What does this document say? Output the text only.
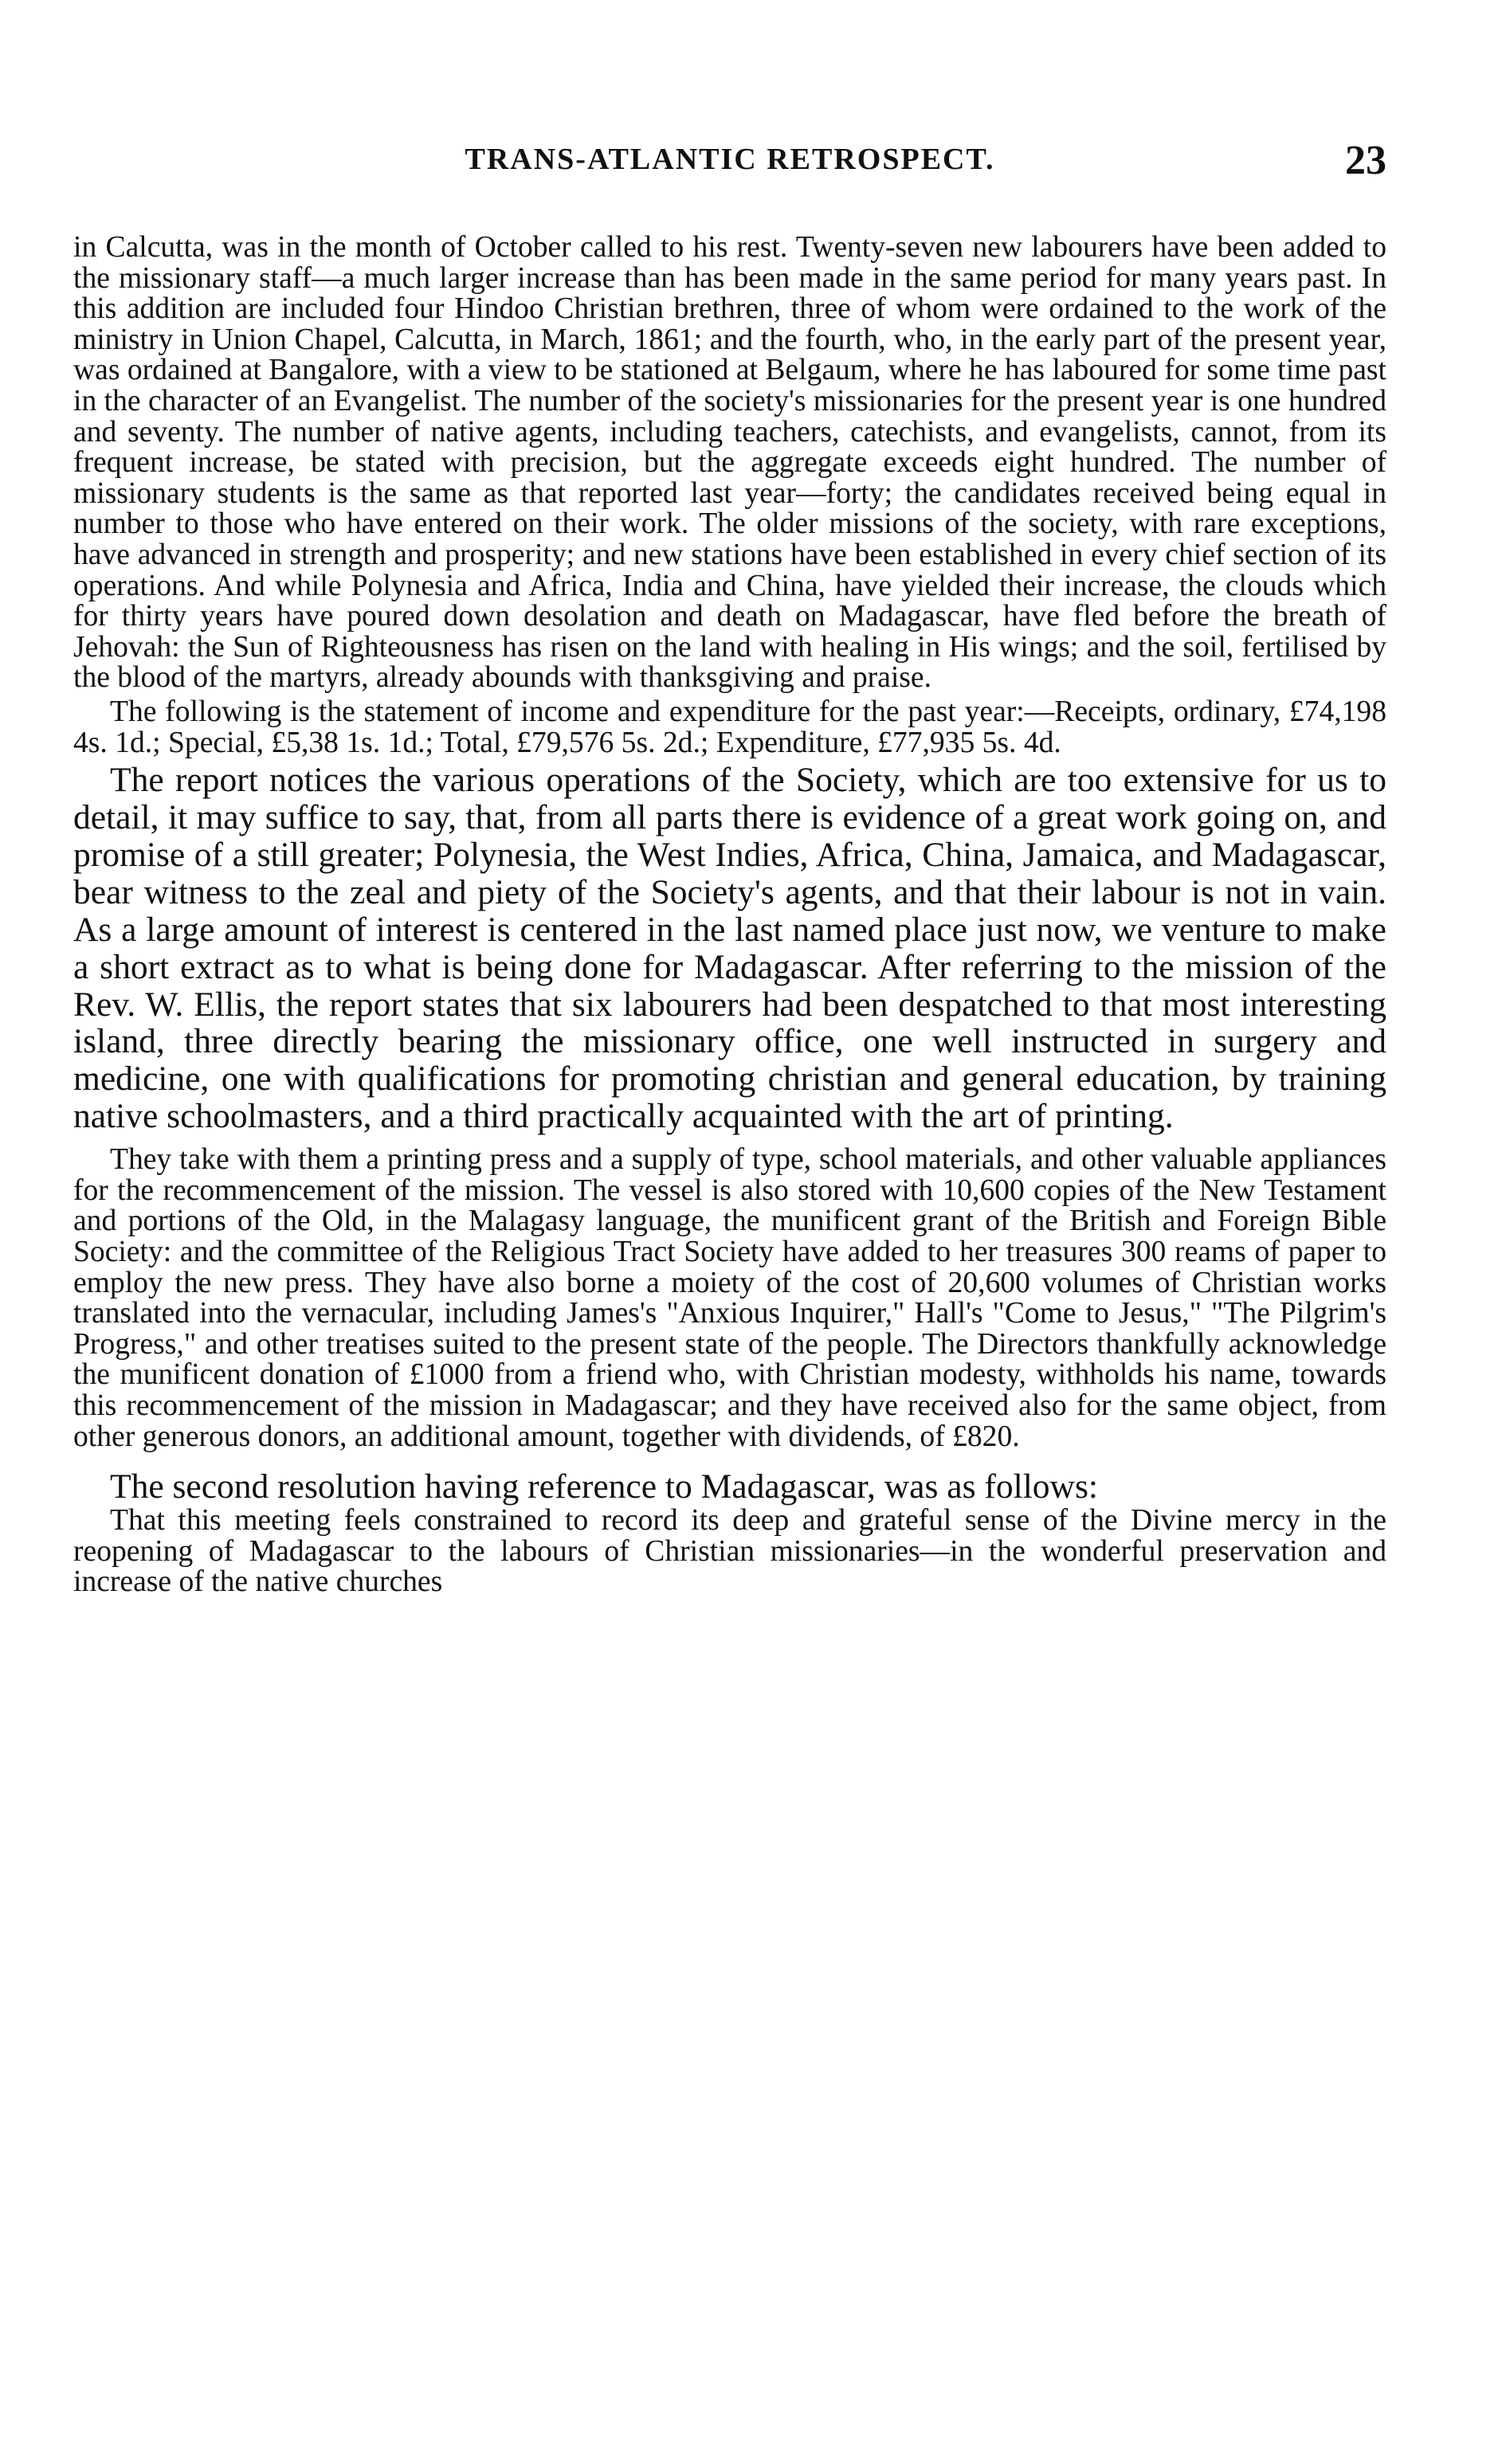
TRANS-ATLANTIC RETROSPECT.	23

in Calcutta, was in the month of October called to his rest. Twenty-seven new labourers have been added to the missionary staff—a much larger increase than has been made in the same period for many years past. In this addition are included four Hindoo Christian brethren, three of whom were ordained to the work of the ministry in Union Chapel, Calcutta, in March, 1861; and the fourth, who, in the early part of the present year, was ordained at Bangalore, with a view to be stationed at Belgaum, where he has laboured for some time past in the character of an Evangelist. The number of the society's missionaries for the present year is one hundred and seventy. The number of native agents, including teachers, catechists, and evangelists, cannot, from its frequent increase, be stated with precision, but the aggregate exceeds eight hundred. The number of missionary students is the same as that reported last year—forty; the candidates received being equal in number to those who have entered on their work. The older missions of the society, with rare exceptions, have advanced in strength and prosperity; and new stations have been established in every chief section of its operations. And while Polynesia and Africa, India and China, have yielded their increase, the clouds which for thirty years have poured down desolation and death on Madagascar, have fled before the breath of Jehovah: the Sun of Righteousness has risen on the land with healing in His wings; and the soil, fertilised by the blood of the martyrs, already abounds with thanksgiving and praise.

The following is the statement of income and expenditure for the past year:—Receipts, ordinary, £74,198 4s. 1d.; Special, £5,38 1s. 1d.; Total, £79,576 5s. 2d.; Expenditure, £77,935 5s. 4d.

The report notices the various operations of the Society, which are too extensive for us to detail, it may suffice to say, that, from all parts there is evidence of a great work going on, and promise of a still greater; Polynesia, the West Indies, Africa, China, Jamaica, and Madagascar, bear witness to the zeal and piety of the Society's agents, and that their labour is not in vain. As a large amount of interest is centered in the last named place just now, we venture to make a short extract as to what is being done for Madagascar. After referring to the mission of the Rev. W. Ellis, the report states that six labourers had been despatched to that most interesting island, three directly bearing the missionary office, one well instructed in surgery and medicine, one with qualifications for promoting christian and general education, by training native schoolmasters, and a third practically acquainted with the art of printing.

They take with them a printing press and a supply of type, school materials, and other valuable appliances for the recommencement of the mission. The vessel is also stored with 10,600 copies of the New Testament and portions of the Old, in the Malagasy language, the munificent grant of the British and Foreign Bible Society: and the committee of the Religious Tract Society have added to her treasures 300 reams of paper to employ the new press. They have also borne a moiety of the cost of 20,600 volumes of Christian works translated into the vernacular, including James's "Anxious Inquirer," Hall's "Come to Jesus," "The Pilgrim's Progress," and other treatises suited to the present state of the people. The Directors thankfully acknowledge the munificent donation of £1000 from a friend who, with Christian modesty, withholds his name, towards this recommencement of the mission in Madagascar; and they have received also for the same object, from other generous donors, an additional amount, together with dividends, of £820.

The second resolution having reference to Madagascar, was as follows:

That this meeting feels constrained to record its deep and grateful sense of the Divine mercy in the reopening of Madagascar to the labours of Christian missionaries—in the wonderful preservation and increase of the native churches
